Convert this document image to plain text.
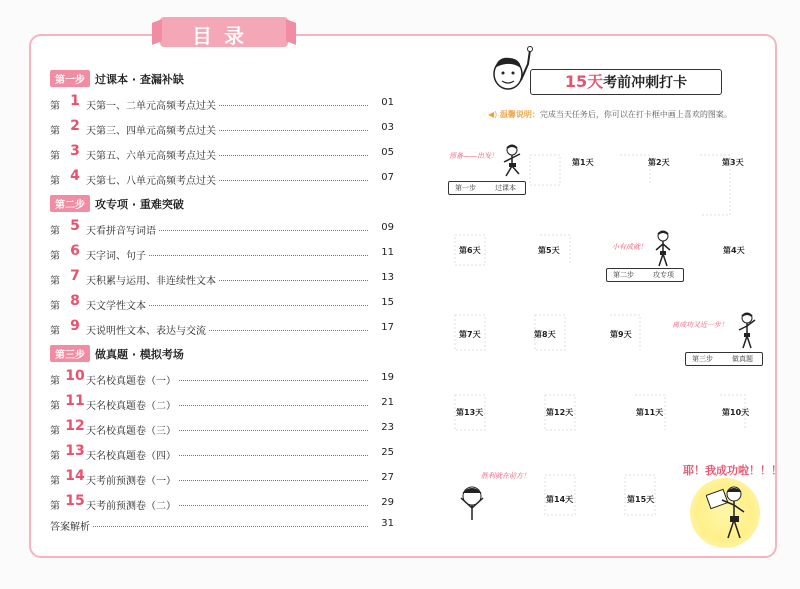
目录
第一步 过课本 · 查漏补缺
第 1 天 第一、二单元高频考点过关	01
第 2 天 第三、四单元高频考点过关	03
第 3 天 第五、六单元高频考点过关	05
第 4 天 第七、八单元高频考点过关	07
第二步 攻专项 · 重难突破
第 5 天 看拼音写词语	09
第 6 天 字词、句子	11
第 7 天 积累与运用、非连续性文本	13
第 8 天 文学性文本	15
第 9 天 说明性文本、表达与交流	17
第三步 做真题 · 模拟考场
第 10 天 名校真题卷（一）	19
第 11 天 名校真题卷（二）	21
第 12 天 名校真题卷（三）	23
第 13 天 名校真题卷（四）	25
第 14 天 考前预测卷（一）	27
第 15 天 考前预测卷（二）	29
答案解析	31
15天考前冲刺打卡
◀) 温馨说明：完成当天任务后，你可以在打卡框中画上喜欢的图案。
第1天	第2天	第3天
第6天	第5天	第4天
第7天	第8天	第9天
第13天	第12天	第11天	第10天
第14天	第15天
第一步	过课本
第二步	攻专项
第三步	做真题
预备——出发！
小有成就！
离成功又近一步！
胜利就在前方！	耶！我成功啦！！！
